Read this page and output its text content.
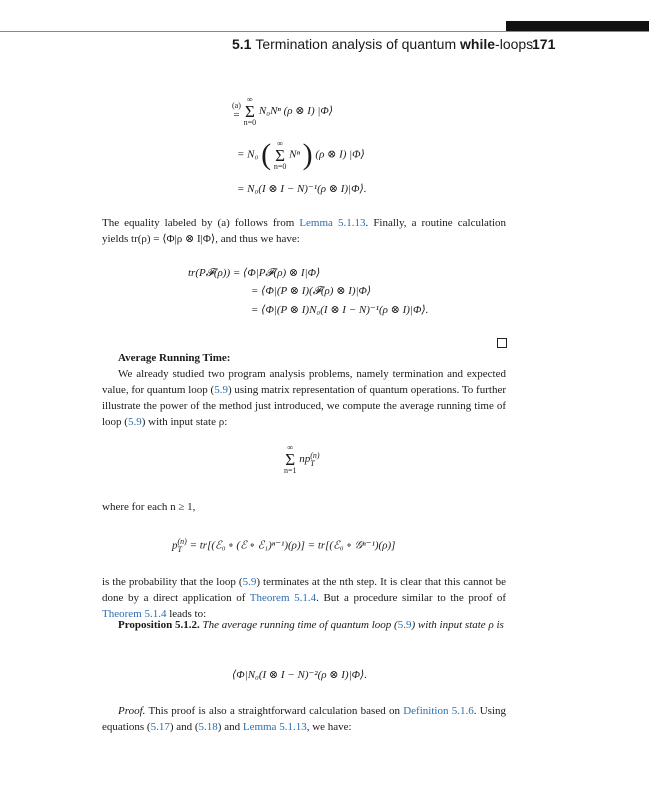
5.1 Termination analysis of quantum while-loops
171
(a)
=

∞
Σ
n=0
N₀Nⁿ (ρ ⊗ I) |Φ⟩
= N₀ ( ∞
Σ
n=0
Nⁿ ) (ρ ⊗ I) |Φ⟩
= N₀(I ⊗ I − N)⁻¹(ρ ⊗ I)|Φ⟩.
The equality labeled by (a) follows from Lemma 5.1.13. Finally, a routine calculation yields tr(ρ) = ⟨Φ|ρ ⊗ I|Φ⟩, and thus we have:
tr(P𝓕(ρ)) = ⟨Φ|P𝓕(ρ) ⊗ I|Φ⟩
= ⟨Φ|(P ⊗ I)(𝓕(ρ) ⊗ I)|Φ⟩
= ⟨Φ|(P ⊗ I)N₀(I ⊗ I − N)⁻¹(ρ ⊗ I)|Φ⟩.
Average Running Time:
We already studied two program analysis problems, namely termination and expected value, for quantum loop (5.9) using matrix representation of quantum operations. To further illustrate the power of the method just introduced, we compute the average running time of loop (5.9) with input state ρ:
∞
Σ
n=1
np (n)
T
where for each n ≥ 1,
p (n)
T = tr[(ℰ₀ ∘ (ℰ ∘ ℰ₁)ⁿ⁻¹)(ρ)] = tr[(ℰ₀ ∘ 𝒢ⁿ⁻¹)(ρ)]
is the probability that the loop (5.9) terminates at the nth step. It is clear that this cannot be done by a direct application of Theorem 5.1.4. But a procedure similar to the proof of Theorem 5.1.4 leads to:
Proposition 5.1.2. The average running time of quantum loop (5.9) with input state ρ is
⟨Φ|N₀(I ⊗ I − N)⁻²(ρ ⊗ I)|Φ⟩.
Proof. This proof is also a straightforward calculation based on Definition 5.1.6. Using equations (5.17) and (5.18) and Lemma 5.1.13, we have:
